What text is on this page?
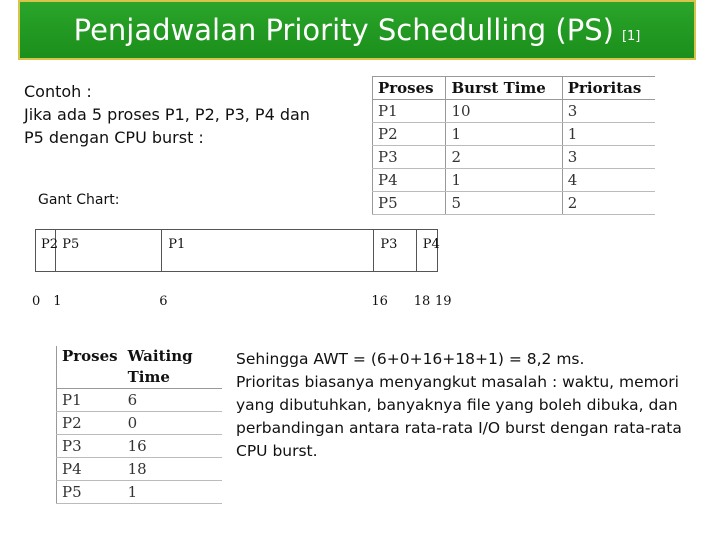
Penjadwalan Priority Schedulling (PS) [1]
Contoh :
Jika ada 5 proses P1, P2, P3, P4 dan
P5 dengan CPU burst :
Proses	Burst Time	Prioritas
P1	10	3
P2	1	1
P3	2	3
P4	1	4
P5	5	2
Gant Chart:
P2 P5	P1	P3	P4
0 1	6	16 18 19
Proses	Waiting Time
P1	6
P2	0
P3	16
P4	18
P5	1
Sehingga AWT = (6+0+16+18+1) = 8,2 ms.
Prioritas biasanya menyangkut masalah : waktu, memori yang dibutuhkan, banyaknya file yang boleh dibuka, dan perbandingan antara rata-rata I/O burst dengan rata-rata CPU burst.
